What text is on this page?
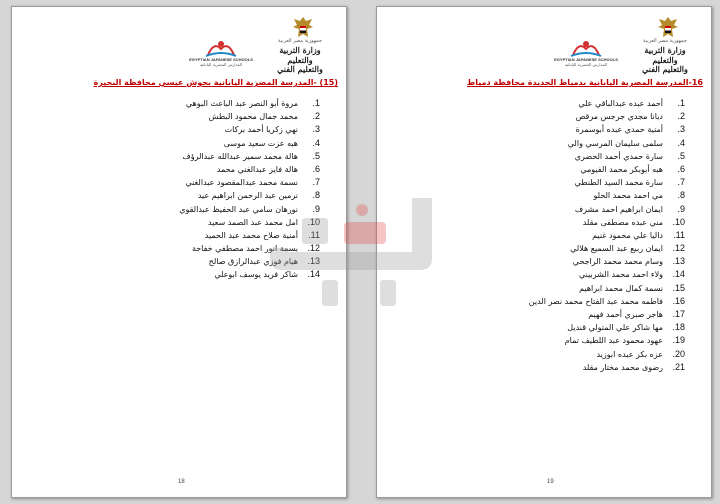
جمهورية مصر العربية
وزارة التربية والتعليم
والتعليم الفني
EGYPTIAN JAPANESE SCHOOLS
المدارس المصرية اليابانية
(15) -المدرسة المصرية اليابانية بحوش عيسي محافظة البحيرة
1.مروة أبو النصر عبد الباعث البوهي
2.محمد جمال محمود البطش
3.نهي زكريا أحمد بركات
4.هبه عزت سعيد موسى
5.هالة محمد سمير عبدالله عبدالرؤف
6.هالة فايز عبدالغني محمد
7.نسمة محمد عبدالمقصود عبدالغني
8.نرمين عبد الرحمن ابراهيم عيد
9.نورهان سامي عبد الحفيظ عبدالقوي
10.امل محمد عبد الصمد سعيد
11.أمنية صلاح محمد عبد الحميد
12.بسمة انور احمد مصطفي خفاجة
13.هيام فوزي عبدالرازق صالح
14.شاكر فريد يوسف ابوعلي
18
جمهورية مصر العربية
وزارة التربية والتعليم
والتعليم الفني
EGYPTIAN JAPANESE SCHOOLS
المدارس المصرية اليابانية
16-المدرسة المصرية اليابانية بدمياط الجديدة محافظة دمياط
1.أحمد عبده عبدالباقي علي
2.ديانا مجدي جرجس مرقص
3.أمنية حمدي عبده أبوسمرة
4.سلمى سليمان المرسي والي
5.سارة حمدي أحمد الحضري
6.هبه أبوبكر محمد الفيومي
7.سارة محمد السيد الطنطي
8.مي احمد محمد الحلو
9.ايمان ابراهيم احمد مشرف
10.مني عبده مصطفى مقلد
11.داليا علي محمود غنيم
12.ايمان ربيع عبد السميع هلالي
13.وسام محمد محمد الراجحي
14.ولاء احمد محمد الشربيني
15.نسمة كمال محمد ابراهيم
16.فاطمه محمد عبد الفتاح محمد نصر الدين
17.هاجر صبري أحمد فهيم
18.مها شاكر علي المتولي قنديل
19.عهود محمود عبد اللطيف تمام
20.عزه بكر عبده ابوزيد
21.رضوى محمد مختار مقلد
19
